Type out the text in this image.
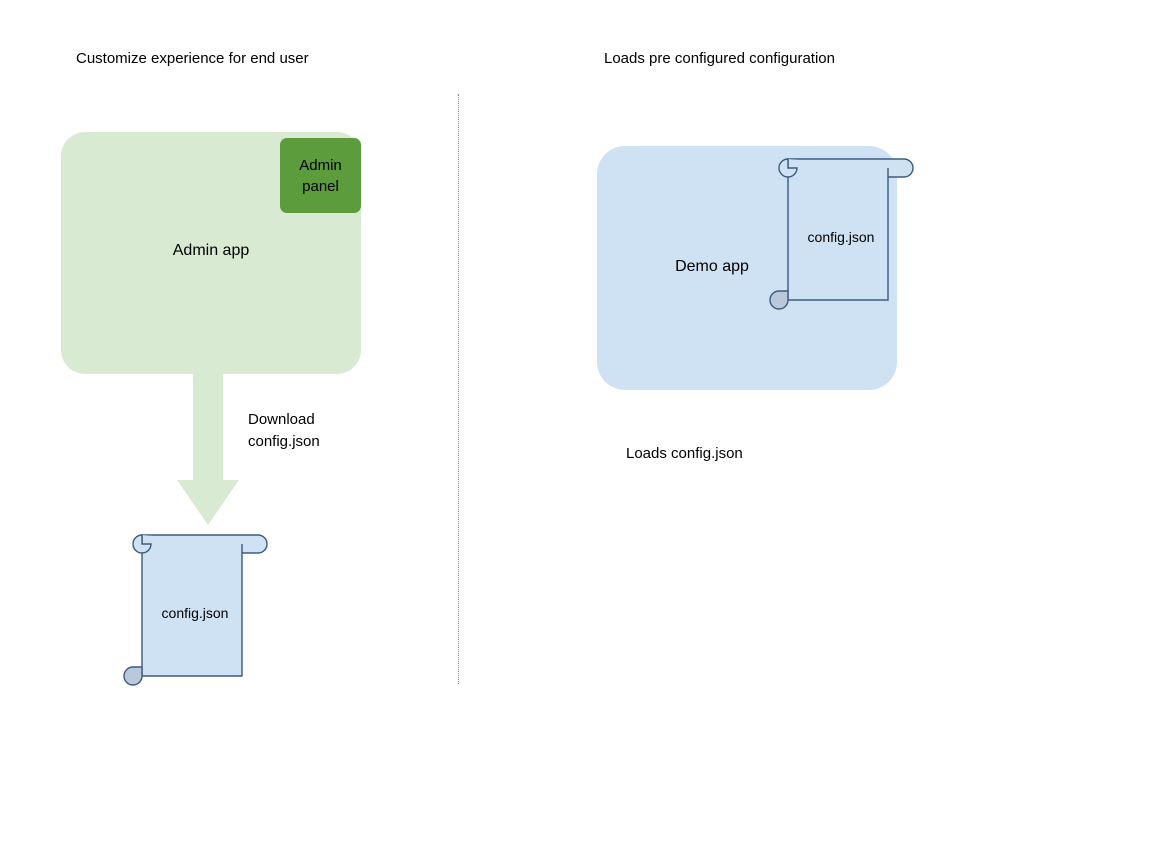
Customize experience for end user	Loads pre configured configuration
Admin app
Admin
panel
Download
config.json
config.json
Demo app
config.json
Loads config.json
